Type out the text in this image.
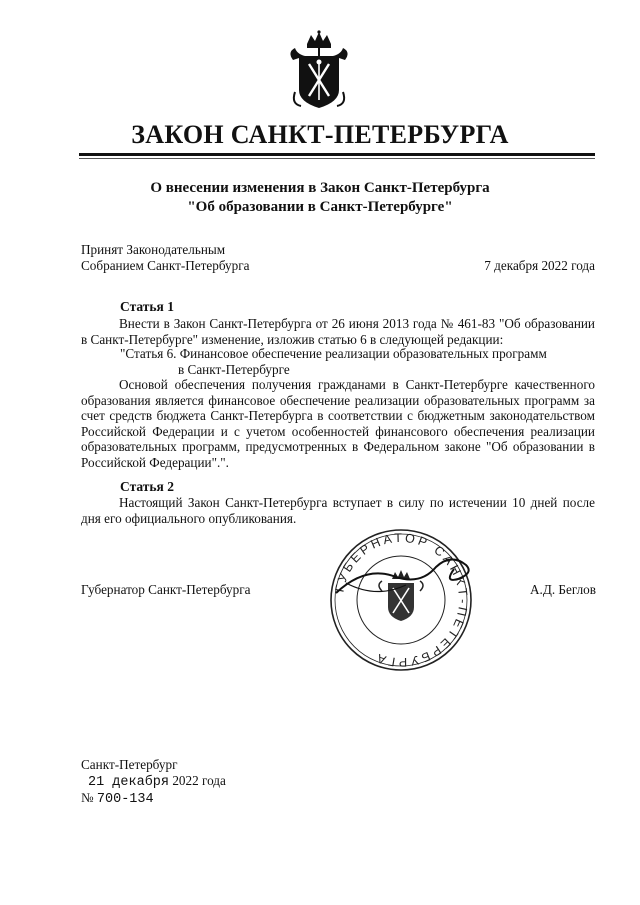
ЗАКОН САНКТ-ПЕТЕРБУРГА
О внесении изменения в Закон Санкт-Петербурга
"Об образовании в Санкт-Петербурге"
Принят Законодательным
Собранием Санкт-Петербурга	7 декабря 2022 года
Статья 1
Внести в Закон Санкт-Петербурга от 26 июня 2013 года № 461-83 "Об образовании в Санкт-Петербурге" изменение, изложив статью 6 в следующей редакции:
"Статья 6. Финансовое обеспечение реализации образовательных программ
в Санкт-Петербурге
Основой обеспечения получения гражданами в Санкт-Петербурге качественного образования является финансовое обеспечение реализации образовательных программ за счет средств бюджета Санкт-Петербурга в соответствии с бюджетным законодательством Российской Федерации и с учетом особенностей финансового обеспечения реализации образовательных программ, предусмотренных в Федеральном законе "Об образовании в Российской Федерации".".
Статья 2
Настоящий Закон Санкт-Петербурга вступает в силу по истечении 10 дней после дня его официального опубликования.
Губернатор Санкт-Петербурга	ГУБЕРНАТОР САНКТ-ПЕТЕРБУРГА
А.Д. Беглов
Санкт-Петербург
21 декабря 2022 года
№ 700-134
